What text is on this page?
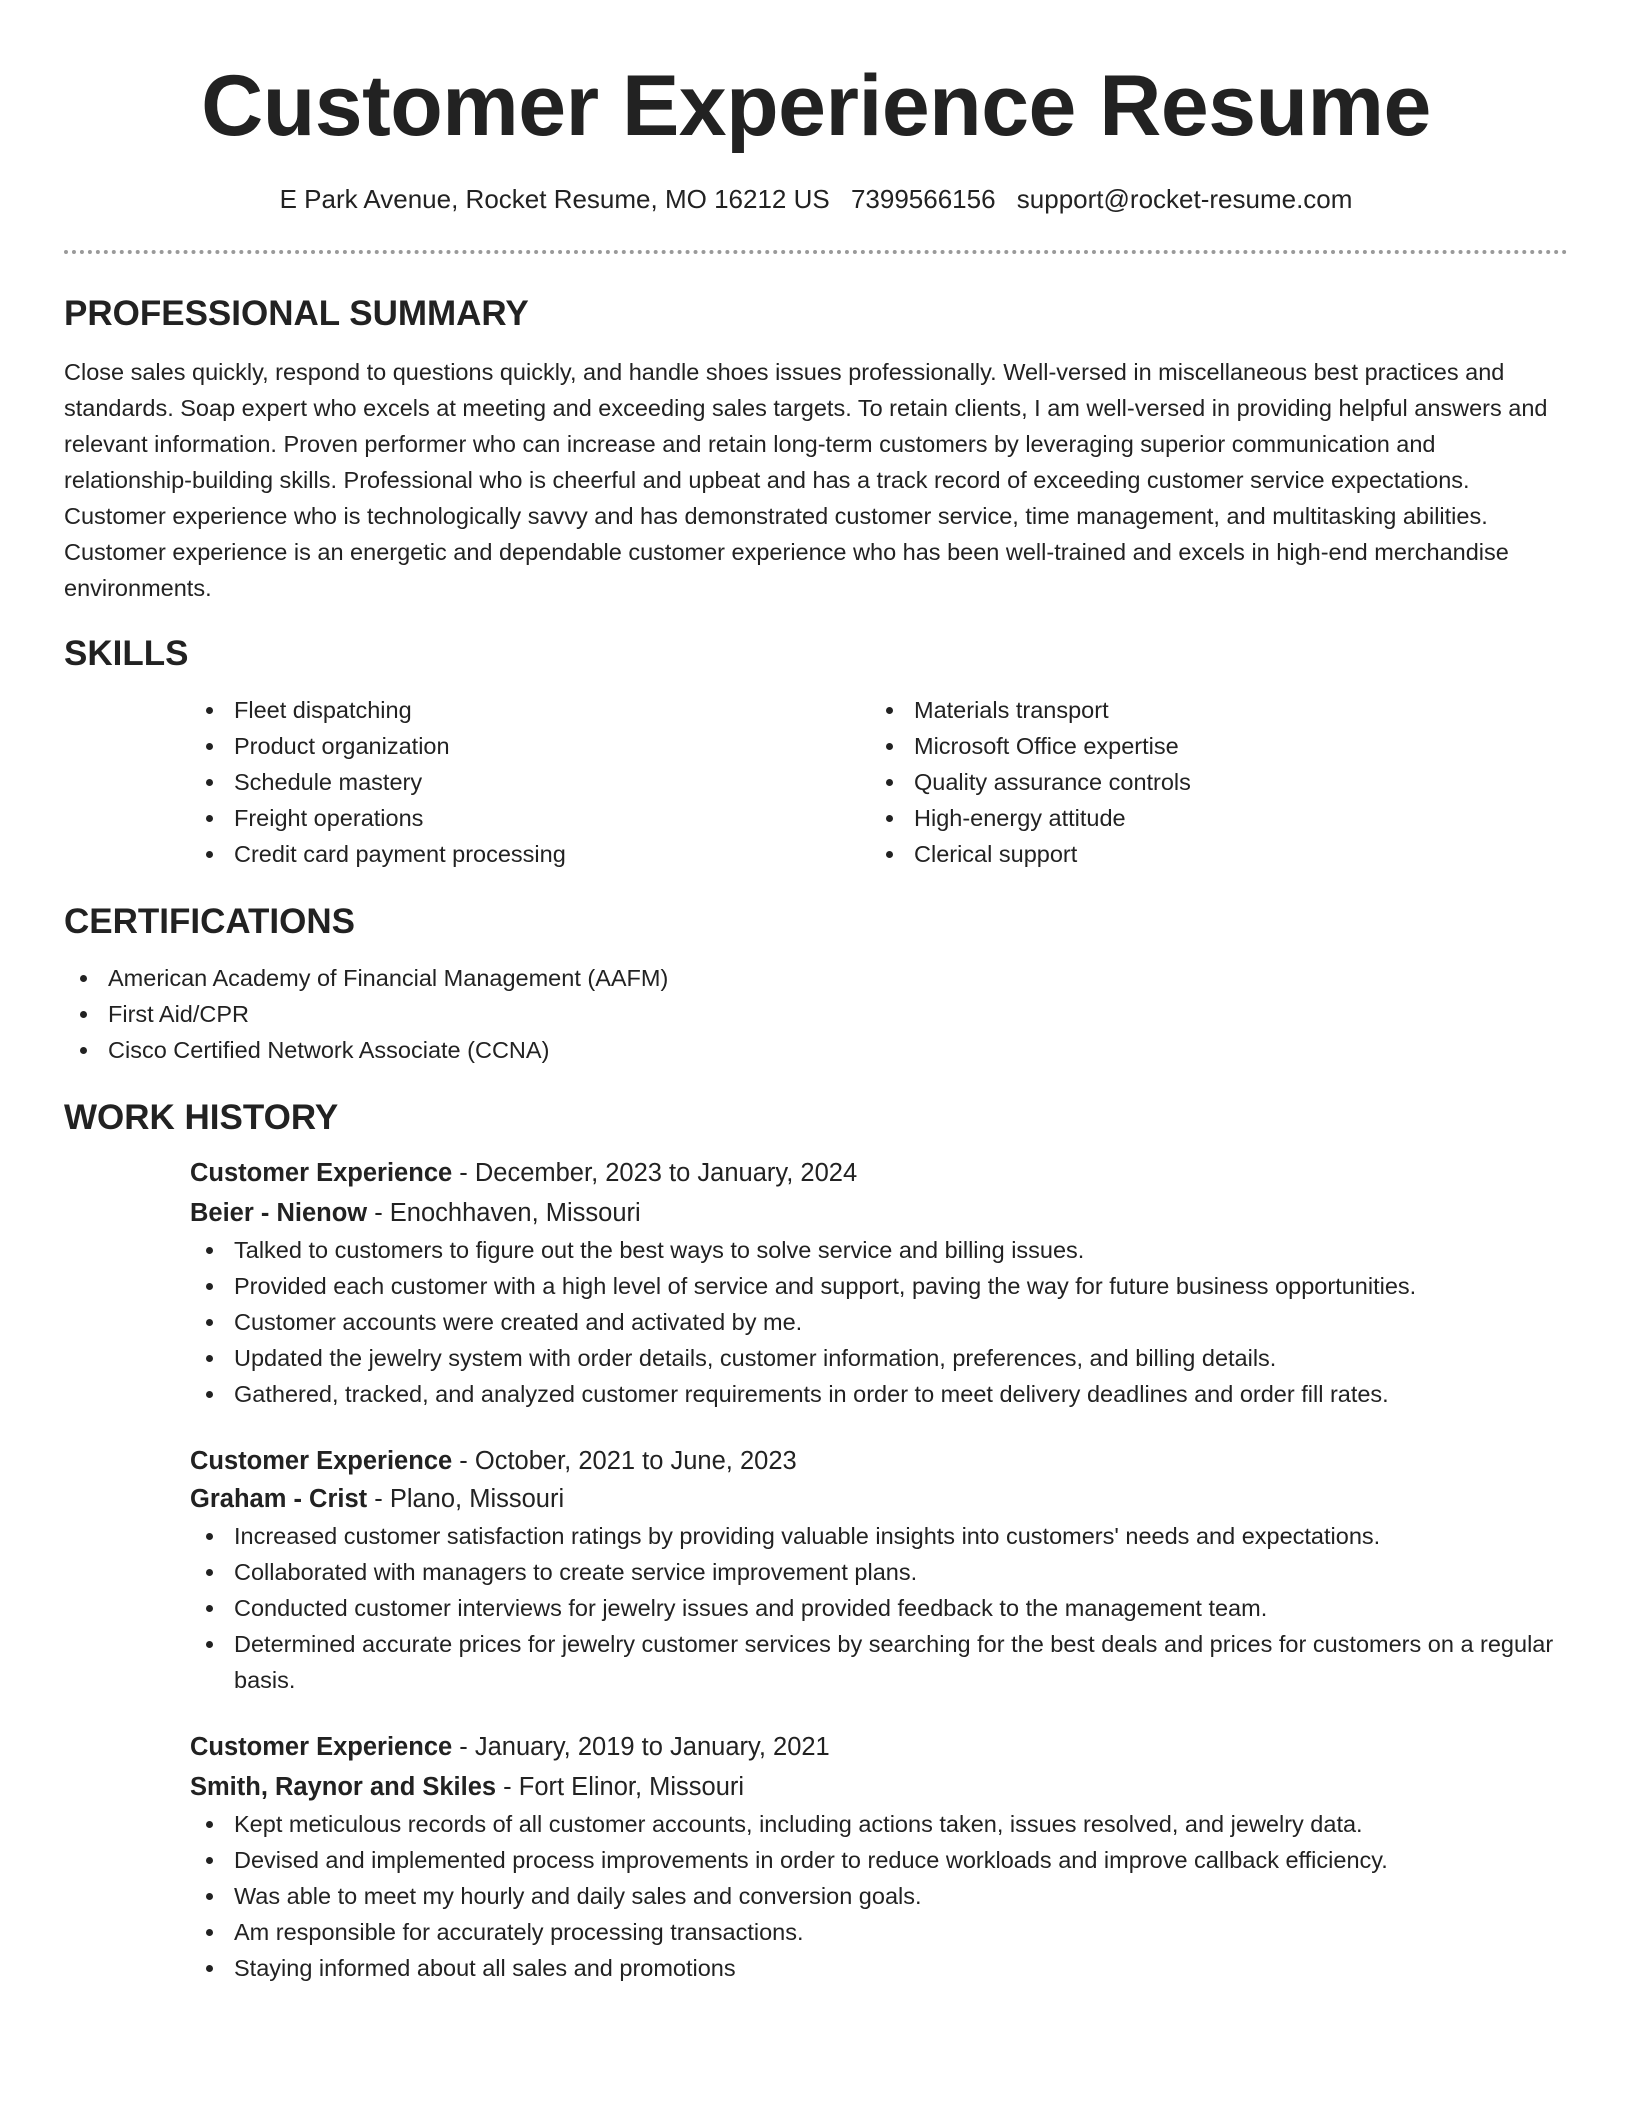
Customer Experience Resume
E Park Avenue, Rocket Resume, MO 16212 US 7399566156 support@rocket-resume.com
PROFESSIONAL SUMMARY

Close sales quickly, respond to questions quickly, and handle shoes issues professionally. Well-versed in miscellaneous best practices and standards. Soap expert who excels at meeting and exceeding sales targets. To retain clients, I am well-versed in providing helpful answers and relevant information. Proven performer who can increase and retain long-term customers by leveraging superior communication and relationship-building skills. Professional who is cheerful and upbeat and has a track record of exceeding customer service expectations. Customer experience who is technologically savvy and has demonstrated customer service, time management, and multitasking abilities. Customer experience is an energetic and dependable customer experience who has been well-trained and excels in high-end merchandise environments.

SKILLS
Fleet dispatching
Product organization
Schedule mastery
Freight operations
Credit card payment processing
Materials transport
Microsoft Office expertise
Quality assurance controls
High-energy attitude
Clerical support
CERTIFICATIONS
American Academy of Financial Management (AAFM)
First Aid/CPR
Cisco Certified Network Associate (CCNA)
WORK HISTORY
Customer Experience - December, 2023 to January, 2024
Beier - Nienow - Enochhaven, Missouri
Talked to customers to figure out the best ways to solve service and billing issues.
Provided each customer with a high level of service and support, paving the way for future business opportunities.
Customer accounts were created and activated by me.
Updated the jewelry system with order details, customer information, preferences, and billing details.
Gathered, tracked, and analyzed customer requirements in order to meet delivery deadlines and order fill rates.
Customer Experience - October, 2021 to June, 2023
Graham - Crist - Plano, Missouri
Increased customer satisfaction ratings by providing valuable insights into customers' needs and expectations.
Collaborated with managers to create service improvement plans.
Conducted customer interviews for jewelry issues and provided feedback to the management team.
Determined accurate prices for jewelry customer services by searching for the best deals and prices for customers on a regular basis.
Customer Experience - January, 2019 to January, 2021
Smith, Raynor and Skiles - Fort Elinor, Missouri
Kept meticulous records of all customer accounts, including actions taken, issues resolved, and jewelry data.
Devised and implemented process improvements in order to reduce workloads and improve callback efficiency.
Was able to meet my hourly and daily sales and conversion goals.
Am responsible for accurately processing transactions.
Staying informed about all sales and promotions
